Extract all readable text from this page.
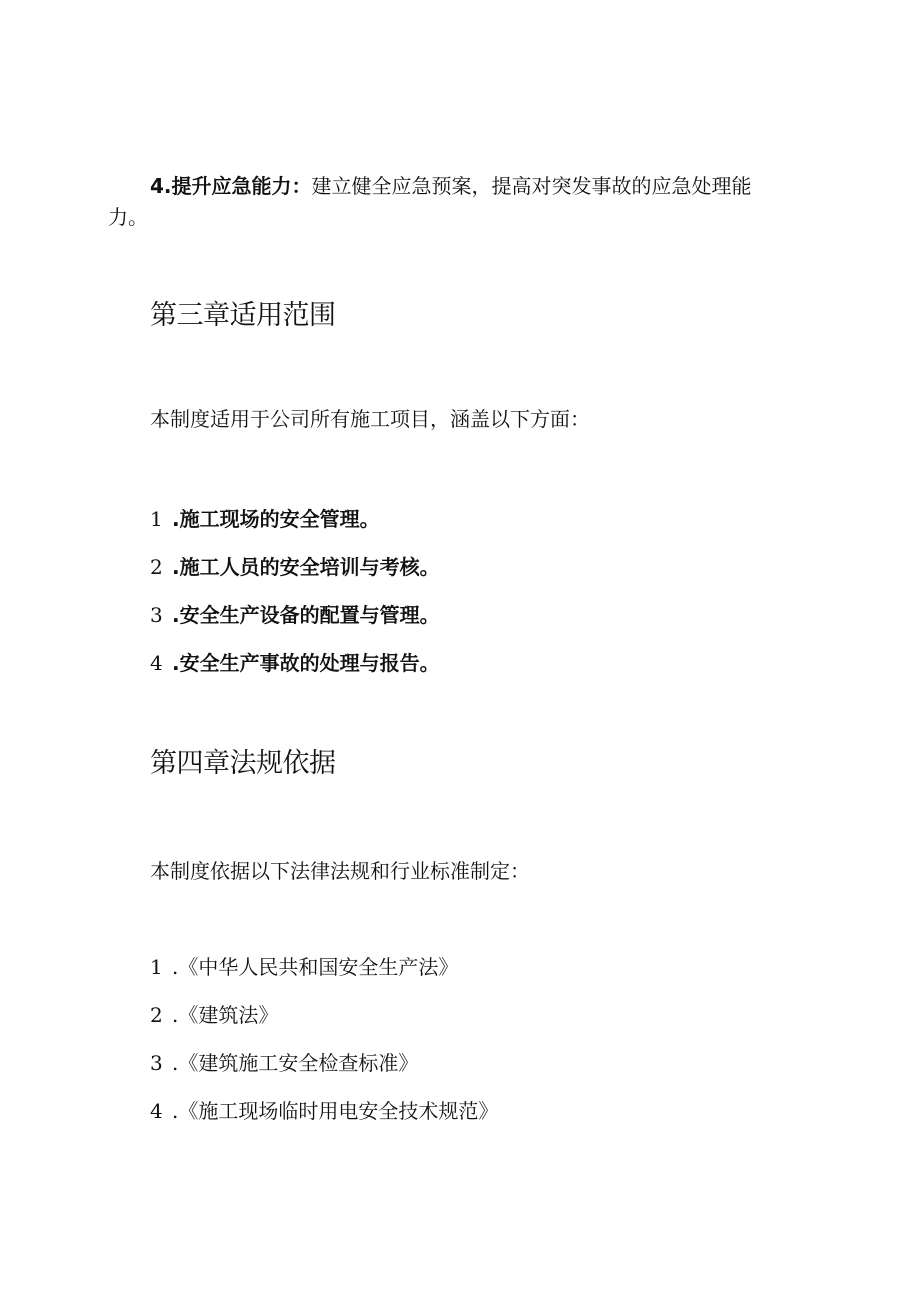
4.提升应急能力：建立健全应急预案，提高对突发事故的应急处理能
力。
第三章适用范围
本制度适用于公司所有施工项目，涵盖以下方面：
1 .施工现场的安全管理。
2 .施工人员的安全培训与考核。
3 .安全生产设备的配置与管理。
4 .安全生产事故的处理与报告。
第四章法规依据
本制度依据以下法律法规和行业标准制定：
1 .《中华人民共和国安全生产法》
2 .《建筑法》
3 .《建筑施工安全检查标准》
4 .《施工现场临时用电安全技术规范》
